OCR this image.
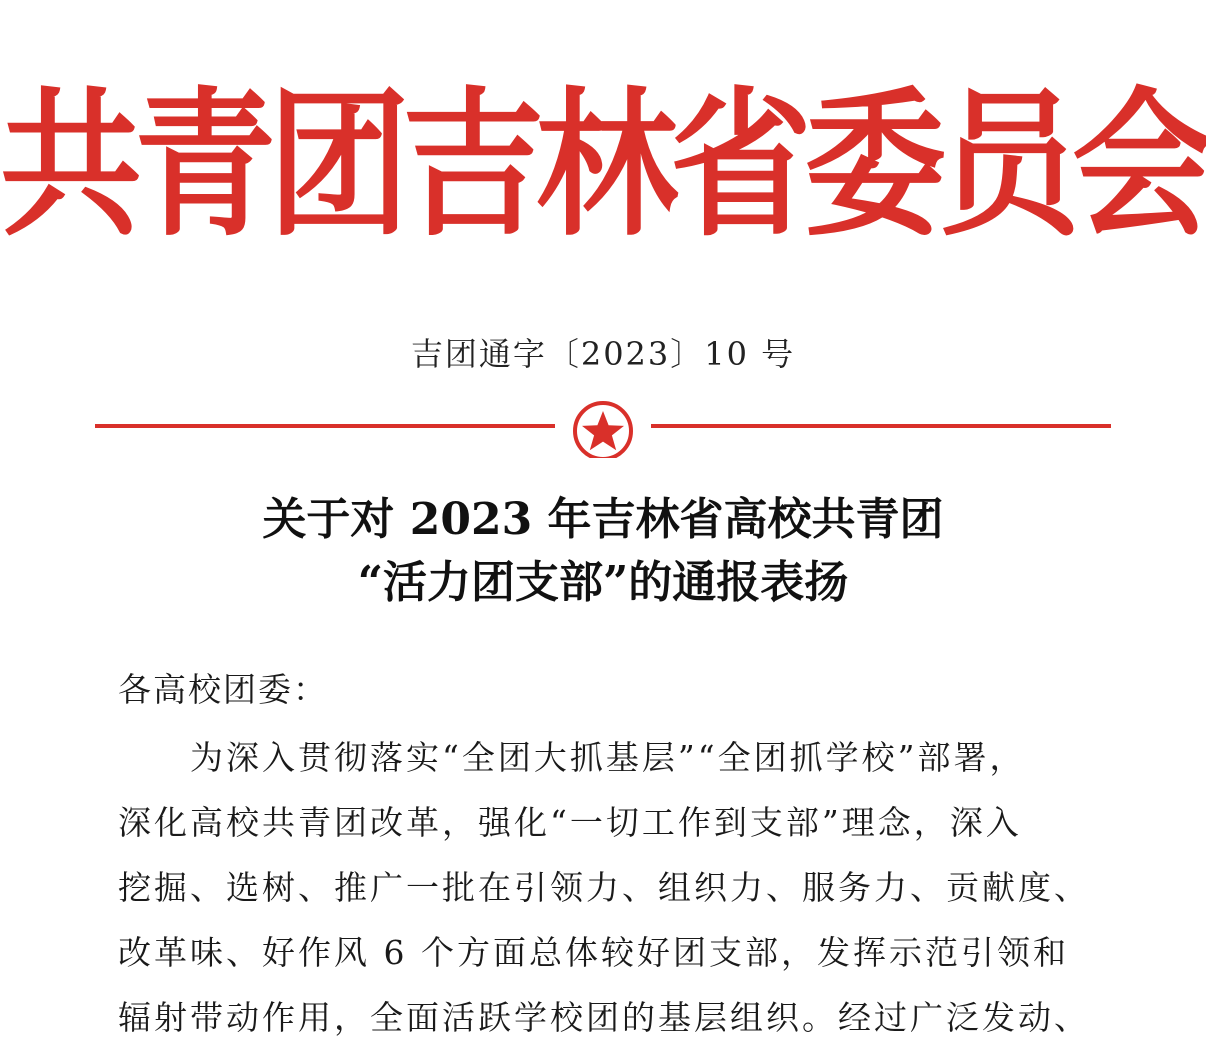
共青团吉林省委员会
吉团通字〔2023〕10 号
关于对 2023 年吉林省高校共青团
“活力团支部”的通报表扬
各高校团委：
为深入贯彻落实“全团大抓基层”“全团抓学校”部署，
深化高校共青团改革，强化“一切工作到支部”理念，深入
挖掘、选树、推广一批在引领力、组织力、服务力、贡献度、
改革味、好作风 6 个方面总体较好团支部，发挥示范引领和
辐射带动作用，全面活跃学校团的基层组织。经过广泛发动、
